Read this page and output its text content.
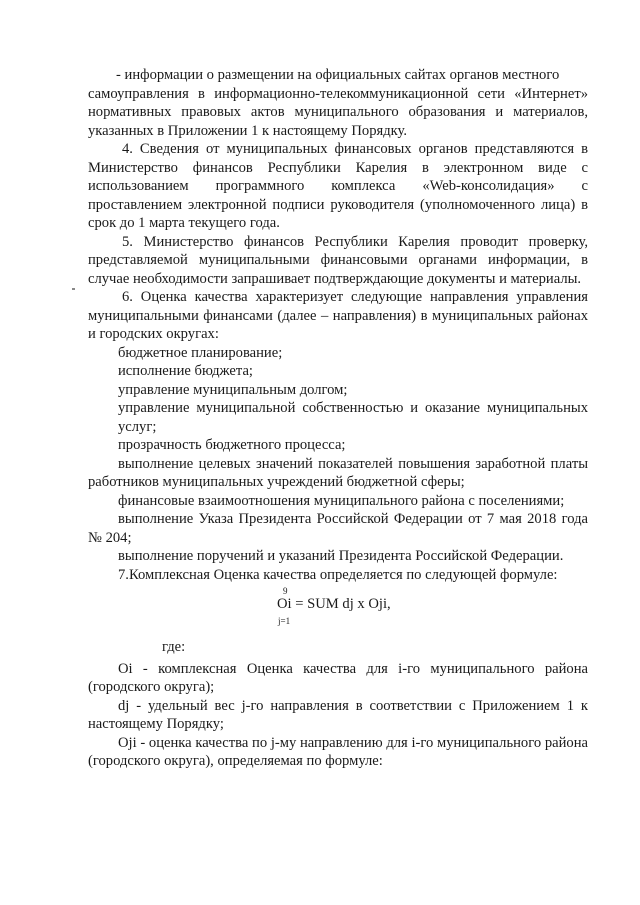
- информации о размещении на официальных сайтах органов местного

самоуправления в информационно-телекоммуникационной сети «Интернет» нормативных правовых актов муниципального образования и материалов, указанных в Приложении 1 к настоящему Порядку.

4. Сведения от муниципальных финансовых органов представляются в Министерство финансов Республики Карелия в электронном виде с использованием программного комплекса «Web-консолидация» с проставлением электронной подписи руководителя (уполномоченного лица) в срок до 1 марта текущего года.

5. Министерство финансов Республики Карелия проводит проверку, представляемой муниципальными финансовыми органами информации, в случае необходимости запрашивает подтверждающие документы и материалы.

6. Оценка качества характеризует следующие направления управления муниципальными финансами (далее – направления) в муниципальных районах и городских округах:

бюджетное планирование;

исполнение бюджета;

управление муниципальным долгом;

управление муниципальной собственностью и оказание муниципальных услуг;

прозрачность бюджетного процесса;

выполнение целевых значений показателей повышения заработной платы работников муниципальных учреждений бюджетной сферы;

финансовые взаимоотношения муниципального района с поселениями;

выполнение Указа Президента Российской Федерации от 7 мая 2018 года № 204;

выполнение поручений и указаний Президента Российской Федерации.

7.Комплексная Оценка качества определяется по следующей формуле:

9
Oi = SUM dj x Oji,
j=1

где:

Oi - комплексная Оценка качества для i-го муниципального района (городского округа);

dj - удельный вес j-го направления в соответствии с Приложением 1 к настоящему Порядку;

Oji - оценка качества по j-му направлению для i-го муниципального района (городского округа), определяемая по формуле:
